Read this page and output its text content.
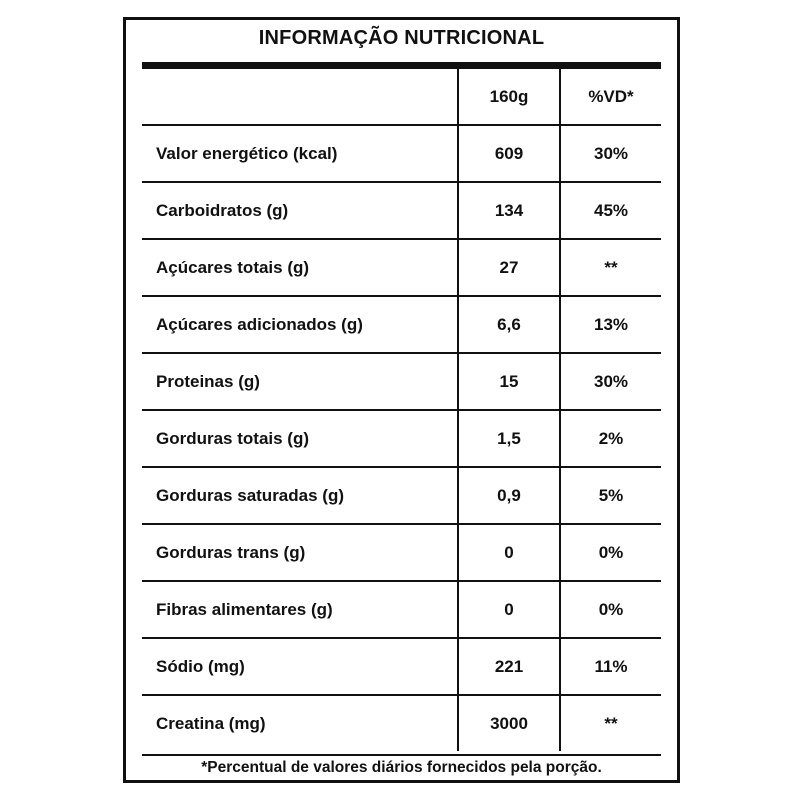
INFORMAÇÃO NUTRICIONAL
	160g	%VD*
Valor energético (kcal)	609	30%
Carboidratos (g)	134	45%
Açúcares totais (g)	27	**
Açúcares adicionados (g)	6,6	13%
Proteinas (g)	15	30%
Gorduras totais (g)	1,5	2%
Gorduras saturadas (g)	0,9	5%
Gorduras trans (g)	0	0%
Fibras alimentares (g)	0	0%
Sódio (mg)	221	11%
Creatina (mg)	3000	**
*Percentual de valores diários fornecidos pela porção.
